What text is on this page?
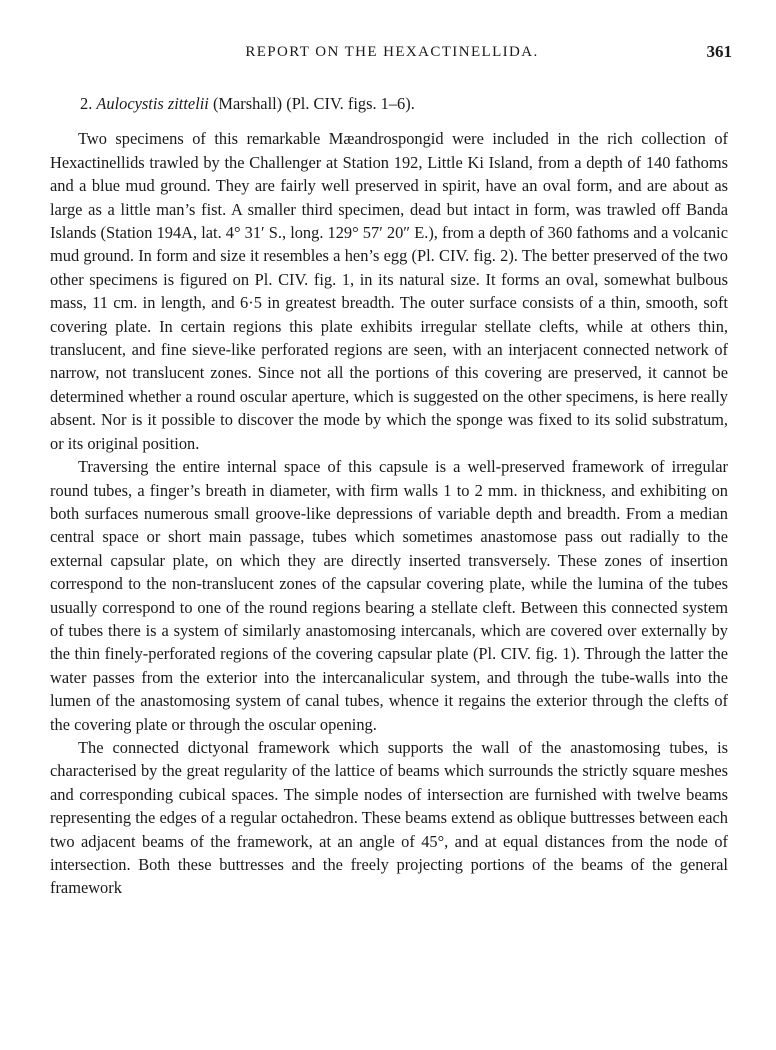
REPORT ON THE HEXACTINELLIDA.	361

2. Aulocystis zittelii (Marshall) (Pl. CIV. figs. 1–6).

Two specimens of this remarkable Mæandrospongid were included in the rich collection of Hexactinellids trawled by the Challenger at Station 192, Little Ki Island, from a depth of 140 fathoms and a blue mud ground. They are fairly well preserved in spirit, have an oval form, and are about as large as a little man’s fist. A smaller third specimen, dead but intact in form, was trawled off Banda Islands (Station 194A, lat. 4° 31′ S., long. 129° 57′ 20″ E.), from a depth of 360 fathoms and a volcanic mud ground. In form and size it resembles a hen’s egg (Pl. CIV. fig. 2). The better preserved of the two other specimens is figured on Pl. CIV. fig. 1, in its natural size. It forms an oval, somewhat bulbous mass, 11 cm. in length, and 6·5 in greatest breadth. The outer surface consists of a thin, smooth, soft covering plate. In certain regions this plate exhibits irregular stellate clefts, while at others thin, translucent, and fine sieve-like perforated regions are seen, with an interjacent connected network of narrow, not translucent zones. Since not all the portions of this covering are preserved, it cannot be determined whether a round oscular aperture, which is suggested on the other specimens, is here really absent. Nor is it possible to discover the mode by which the sponge was fixed to its solid substratum, or its original position.

Traversing the entire internal space of this capsule is a well-preserved framework of irregular round tubes, a finger’s breath in diameter, with firm walls 1 to 2 mm. in thickness, and exhibiting on both surfaces numerous small groove-like depressions of variable depth and breadth. From a median central space or short main passage, tubes which sometimes anastomose pass out radially to the external capsular plate, on which they are directly inserted transversely. These zones of insertion correspond to the non-translucent zones of the capsular covering plate, while the lumina of the tubes usually correspond to one of the round regions bearing a stellate cleft. Between this connected system of tubes there is a system of similarly anastomosing intercanals, which are covered over externally by the thin finely-perforated regions of the covering capsular plate (Pl. CIV. fig. 1). Through the latter the water passes from the exterior into the intercanalicular system, and through the tube-walls into the lumen of the anastomosing system of canal tubes, whence it regains the exterior through the clefts of the covering plate or through the oscular opening.

The connected dictyonal framework which supports the wall of the anastomosing tubes, is characterised by the great regularity of the lattice of beams which surrounds the strictly square meshes and corresponding cubical spaces. The simple nodes of intersection are furnished with twelve beams representing the edges of a regular octahedron. These beams extend as oblique buttresses between each two adjacent beams of the framework, at an angle of 45°, and at equal distances from the node of intersection. Both these buttresses and the freely projecting portions of the beams of the general framework
